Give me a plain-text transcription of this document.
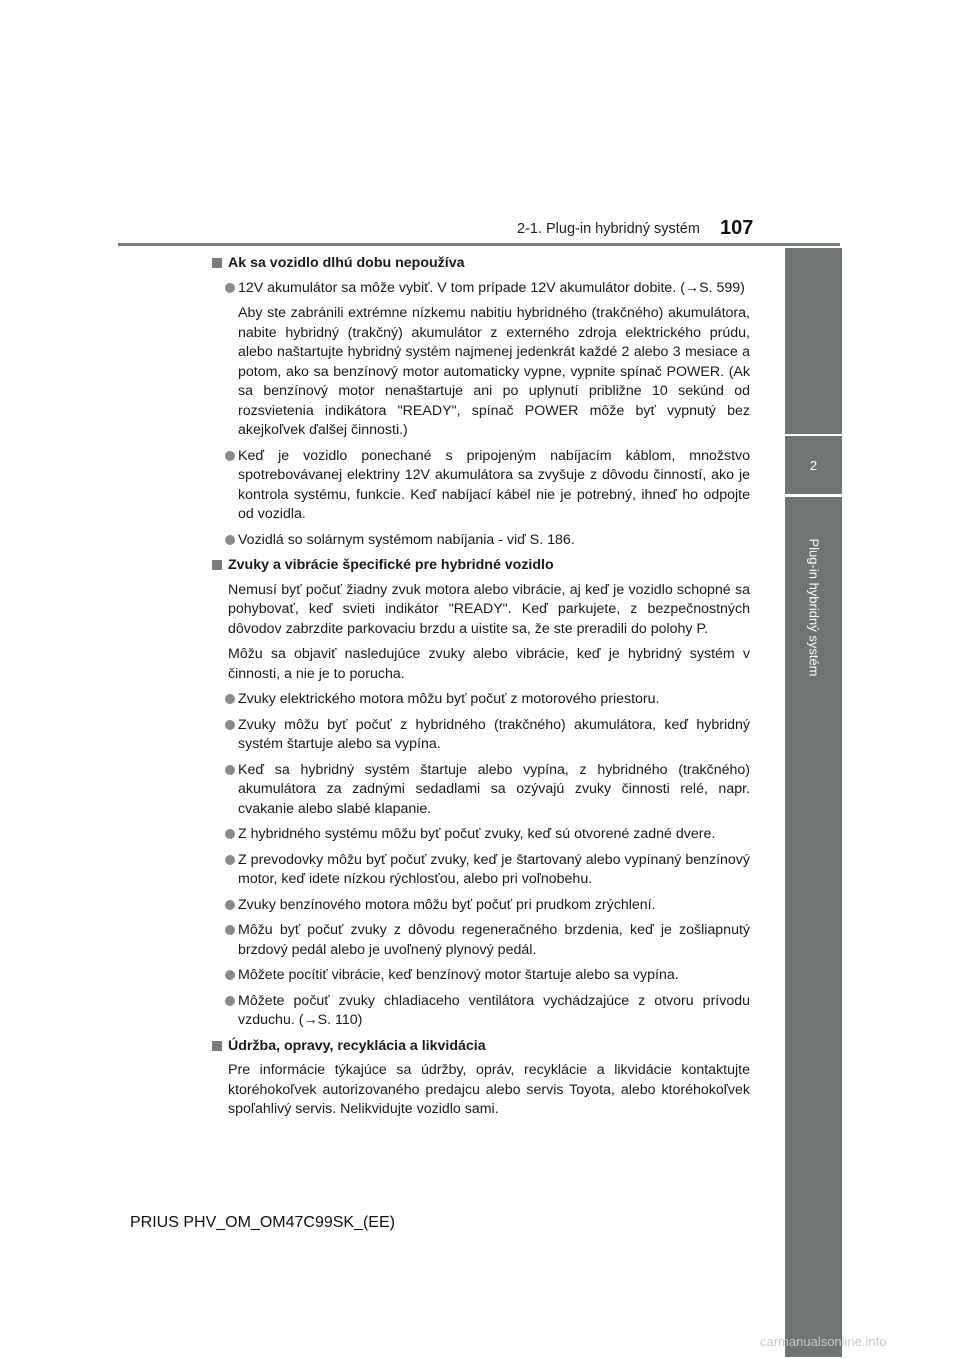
2-1. Plug-in hybridný systém 107
2
Plug-in hybridný systém
Ak sa vozidlo dlhú dobu nepoužíva
12V akumulátor sa môže vybiť. V tom prípade 12V akumulátor dobite. (→S. 599)
Aby ste zabránili extrémne nízkemu nabitiu hybridného (trakčného) akumulátora, nabite hybridný (trakčný) akumulátor z externého zdroja elektrického prúdu, alebo naštartujte hybridný systém najmenej jedenkrát každé 2 alebo 3 mesiace a potom, ako sa benzínový motor automaticky vypne, vypnite spínač POWER. (Ak sa benzínový motor nenaštartuje ani po uplynutí približne 10 sekúnd od rozsvietenia indikátora "READY", spínač POWER môže byť vypnutý bez akejkoľvek ďalšej činnosti.)
Keď je vozidlo ponechané s pripojeným nabíjacím káblom, množstvo spotrebovávanej elektriny 12V akumulátora sa zvyšuje z dôvodu činností, ako je kontrola systému, funkcie. Keď nabíjací kábel nie je potrebný, ihneď ho odpojte od vozidla.
Vozidlá so solárnym systémom nabíjania - viď S. 186.
Zvuky a vibrácie špecifické pre hybridné vozidlo
Nemusí byť počuť žiadny zvuk motora alebo vibrácie, aj keď je vozidlo schopné sa pohybovať, keď svieti indikátor "READY". Keď parkujete, z bezpečnostných dôvodov zabrzdite parkovaciu brzdu a uistite sa, že ste preradili do polohy P.
Môžu sa objaviť nasledujúce zvuky alebo vibrácie, keď je hybridný systém v činnosti, a nie je to porucha.
Zvuky elektrického motora môžu byť počuť z motorového priestoru.
Zvuky môžu byť počuť z hybridného (trakčného) akumulátora, keď hybridný systém štartuje alebo sa vypína.
Keď sa hybridný systém štartuje alebo vypína, z hybridného (trakčného) akumulátora za zadnými sedadlami sa ozývajú zvuky činnosti relé, napr. cvakanie alebo slabé klapanie.
Z hybridného systému môžu byť počuť zvuky, keď sú otvorené zadné dvere.
Z prevodovky môžu byť počuť zvuky, keď je štartovaný alebo vypínaný benzínový motor, keď idete nízkou rýchlosťou, alebo pri voľnobehu.
Zvuky benzínového motora môžu byť počuť pri prudkom zrýchlení.
Môžu byť počuť zvuky z dôvodu regeneračného brzdenia, keď je zošliapnutý brzdový pedál alebo je uvoľnený plynový pedál.
Môžete pocítiť vibrácie, keď benzínový motor štartuje alebo sa vypína.
Môžete počuť zvuky chladiaceho ventilátora vychádzajúce z otvoru prívodu vzduchu. (→S. 110)
Údržba, opravy, recyklácia a likvidácia
Pre informácie týkajúce sa údržby, opráv, recyklácie a likvidácie kontaktujte ktoréhokoľvek autorizovaného predajcu alebo servis Toyota, alebo ktoréhokoľvek spoľahlivý servis. Nelikvidujte vozidlo sami.
PRIUS PHV_OM_OM47C99SK_(EE)
carmanualsonline.info
